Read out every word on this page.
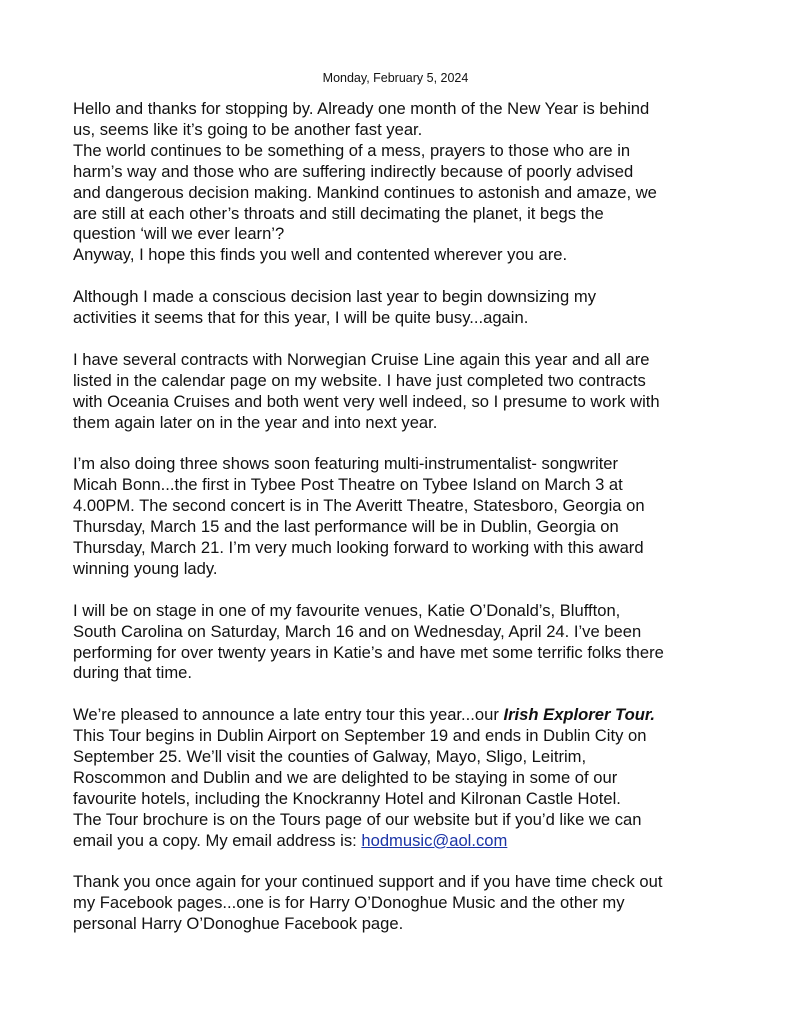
Monday, February 5, 2024

Hello and thanks for stopping by. Already one month of the New Year is behind
us, seems like it’s going to be another fast year.
The world continues to be something of a mess, prayers to those who are in
harm’s way and those who are suffering indirectly because of poorly advised
and dangerous decision making. Mankind continues to astonish and amaze, we
are still at each other’s throats and still decimating the planet, it begs the
question ‘will we ever learn’?
Anyway, I hope this finds you well and contented wherever you are.

Although I made a conscious decision last year to begin downsizing my
activities it seems that for this year, I will be quite busy...again.

I have several contracts with Norwegian Cruise Line again this year and all are
listed in the calendar page on my website. I have just completed two contracts
with Oceania Cruises and both went very well indeed, so I presume to work with
them again later on in the year and into next year.

I’m also doing three shows soon featuring multi-instrumentalist- songwriter
Micah Bonn...the first in Tybee Post Theatre on Tybee Island on March 3 at
4.00PM. The second concert is in The Averitt Theatre, Statesboro, Georgia on
Thursday, March 15 and the last performance will be in Dublin, Georgia on
Thursday, March 21. I’m very much looking forward to working with this award
winning young lady.

I will be on stage in one of my favourite venues, Katie O’Donald’s, Bluffton,
South Carolina on Saturday, March 16 and on Wednesday, April 24. I’ve been
performing for over twenty years in Katie’s and have met some terrific folks there
during that time.

We’re pleased to announce a late entry tour this year...our Irish Explorer Tour.
This Tour begins in Dublin Airport on September 19 and ends in Dublin City on
September 25. We’ll visit the counties of Galway, Mayo, Sligo, Leitrim,
Roscommon and Dublin and we are delighted to be staying in some of our
favourite hotels, including the Knockranny Hotel and Kilronan Castle Hotel.
The Tour brochure is on the Tours page of our website but if you’d like we can
email you a copy. My email address is: hodmusic@aol.com

Thank you once again for your continued support and if you have time check out
my Facebook pages...one is for Harry O’Donoghue Music and the other my
personal Harry O’Donoghue Facebook page.
